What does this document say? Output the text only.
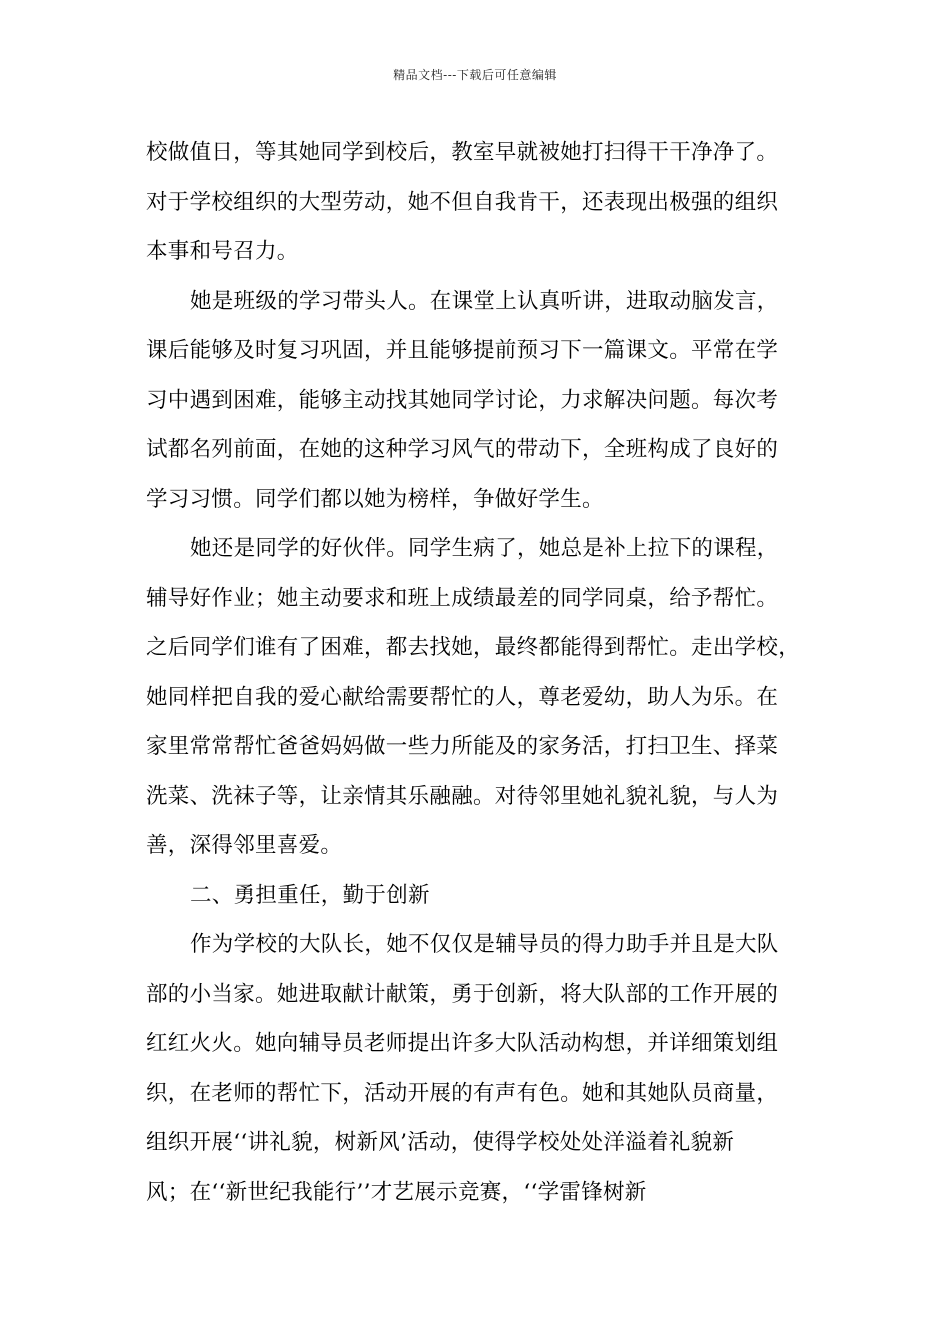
精品文档---下载后可任意编辑
校做值日，等其她同学到校后，教室早就被她打扫得干干净净了。
对于学校组织的大型劳动，她不但自我肯干，还表现出极强的组织
本事和号召力。
她是班级的学习带头人。在课堂上认真听讲，进取动脑发言，
课后能够及时复习巩固，并且能够提前预习下一篇课文。平常在学
习中遇到困难，能够主动找其她同学讨论，力求解决问题。每次考
试都名列前面，在她的这种学习风气的带动下，全班构成了良好的
学习习惯。同学们都以她为榜样，争做好学生。
她还是同学的好伙伴。同学生病了，她总是补上拉下的课程，
辅导好作业；她主动要求和班上成绩最差的同学同桌，给予帮忙。
之后同学们谁有了困难，都去找她，最终都能得到帮忙。走出学校，
她同样把自我的爱心献给需要帮忙的人，尊老爱幼，助人为乐。在
家里常常帮忙爸爸妈妈做一些力所能及的家务活，打扫卫生、择菜
洗菜、洗袜子等，让亲情其乐融融。对待邻里她礼貌礼貌，与人为
善，深得邻里喜爱。
二、勇担重任，勤于创新
作为学校的大队长，她不仅仅是辅导员的得力助手并且是大队
部的小当家。她进取献计献策，勇于创新，将大队部的工作开展的
红红火火。她向辅导员老师提出许多大队活动构想，并详细策划组
织，在老师的帮忙下，活动开展的有声有色。她和其她队员商量，
组织开展‘‘讲礼貌，树新风’活动，使得学校处处洋溢着礼貌新
风；在‘‘新世纪我能行’’才艺展示竞赛，‘‘学雷锋树新
